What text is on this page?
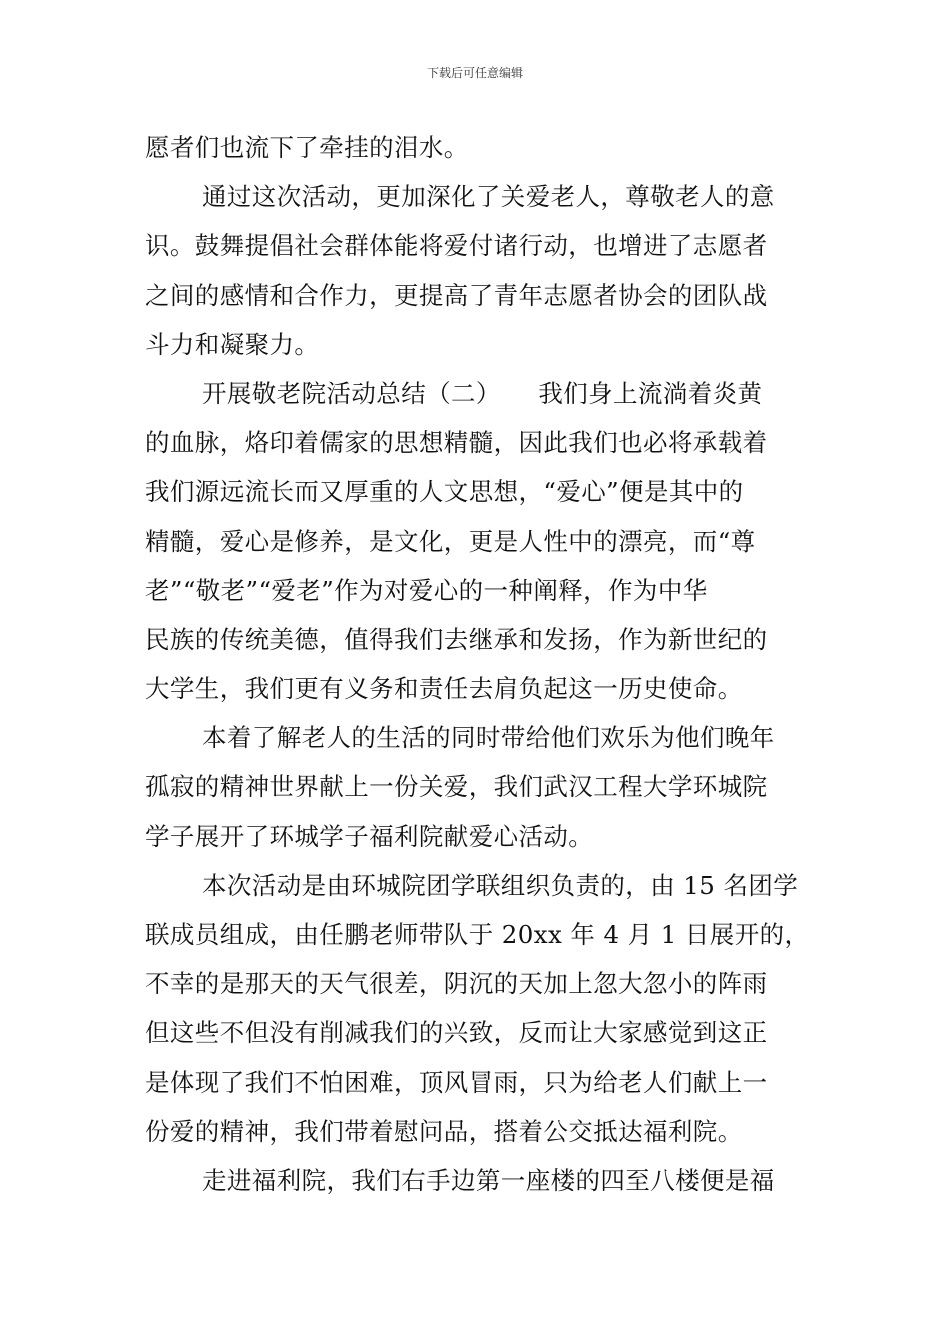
下载后可任意编辑
愿者们也流下了牵挂的泪水。
通过这次活动，更加深化了关爱老人，尊敬老人的意
识。鼓舞提倡社会群体能将爱付诸行动，也增进了志愿者
之间的感情和合作力，更提高了青年志愿者协会的团队战
斗力和凝聚力。
开展敬老院活动总结（二）　　我们身上流淌着炎黄
的血脉，烙印着儒家的思想精髓，因此我们也必将承载着
我们源远流长而又厚重的人文思想，“爱心”便是其中的
精髓，爱心是修养，是文化，更是人性中的漂亮，而“尊
老”“敬老”“爱老”作为对爱心的一种阐释，作为中华
民族的传统美德，值得我们去继承和发扬，作为新世纪的
大学生，我们更有义务和责任去肩负起这一历史使命。
本着了解老人的生活的同时带给他们欢乐为他们晚年
孤寂的精神世界献上一份关爱，我们武汉工程大学环城院
学子展开了环城学子福利院献爱心活动。
本次活动是由环城院团学联组织负责的，由 15 名团学
联成员组成，由任鹏老师带队于 20xx 年 4 月 1 日展开的，
不幸的是那天的天气很差，阴沉的天加上忽大忽小的阵雨
但这些不但没有削减我们的兴致，反而让大家感觉到这正
是体现了我们不怕困难，顶风冒雨，只为给老人们献上一
份爱的精神，我们带着慰问品，搭着公交抵达福利院。
走进福利院，我们右手边第一座楼的四至八楼便是福
